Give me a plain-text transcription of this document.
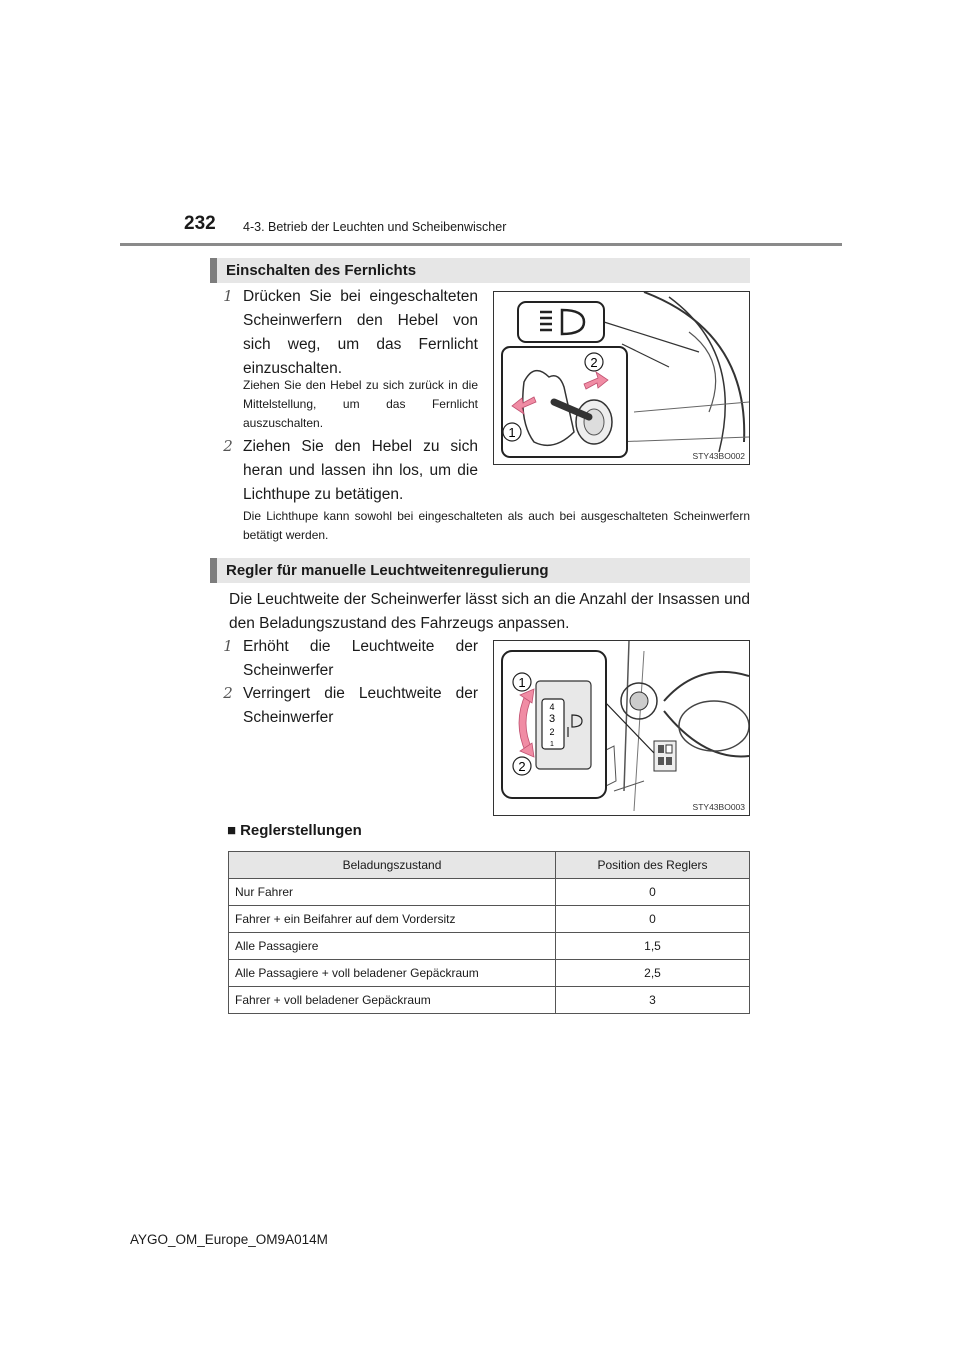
232 4-3. Betrieb der Leuchten und Scheibenwischer
Einschalten des Fernlichts
1 Drücken Sie bei eingeschalteten Scheinwerfern den Hebel von sich weg, um das Fernlicht einzuschalten.
Ziehen Sie den Hebel zu sich zurück in die Mittelstellung, um das Fernlicht auszuschalten.
2 Ziehen Sie den Hebel zu sich heran und lassen ihn los, um die Lichthupe zu betätigen.
2
1
STY43BO002
Die Lichthupe kann sowohl bei eingeschalteten als auch bei ausgeschalteten Scheinwerfern betätigt werden.
Regler für manuelle Leuchtweitenregulierung
Die Leuchtweite der Scheinwerfer lässt sich an die Anzahl der Insassen und den Beladungszustand des Fahrzeugs anpassen.
1 Erhöht die Leuchtweite der Scheinwerfer
2 Verringert die Leuchtweite der Scheinwerfer
4
3
2
1
1
2
STY43BO003
■ Reglerstellungen
Beladungszustand	Position des Reglers
Nur Fahrer	0
Fahrer + ein Beifahrer auf dem Vordersitz	0
Alle Passagiere	1,5
Alle Passagiere + voll beladener Gepäckraum	2,5
Fahrer + voll beladener Gepäckraum	3
AYGO_OM_Europe_OM9A014M
